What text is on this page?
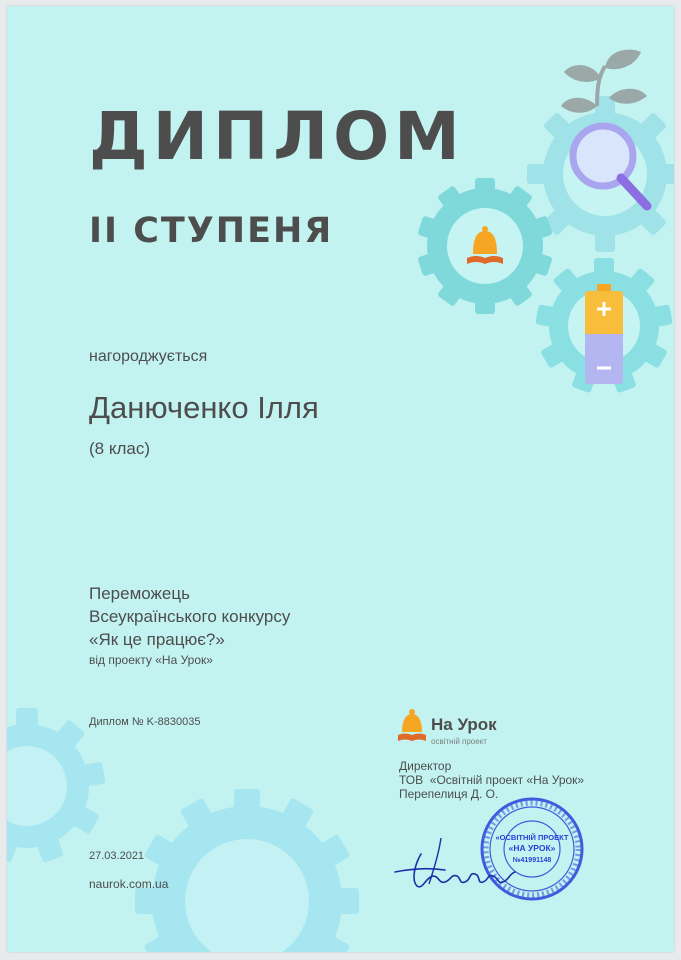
ДИПЛОМ
ІІ СТУПЕНЯ
нагороджується
Данюченко Ілля
(8 клас)
Переможець
Всеукраїнського конкурсу
«Як це працює?»
від проекту «На Урок»
Диплом № K-8830035
27.03.2021
naurok.com.ua
На Урок
освітній проект
Директор
ТОВ  «Освітній проект «На Урок»
Перепелиця Д. О.
«ОСВІТНІЙ ПРОЕКТ
«НА УРОК»
№41991148
